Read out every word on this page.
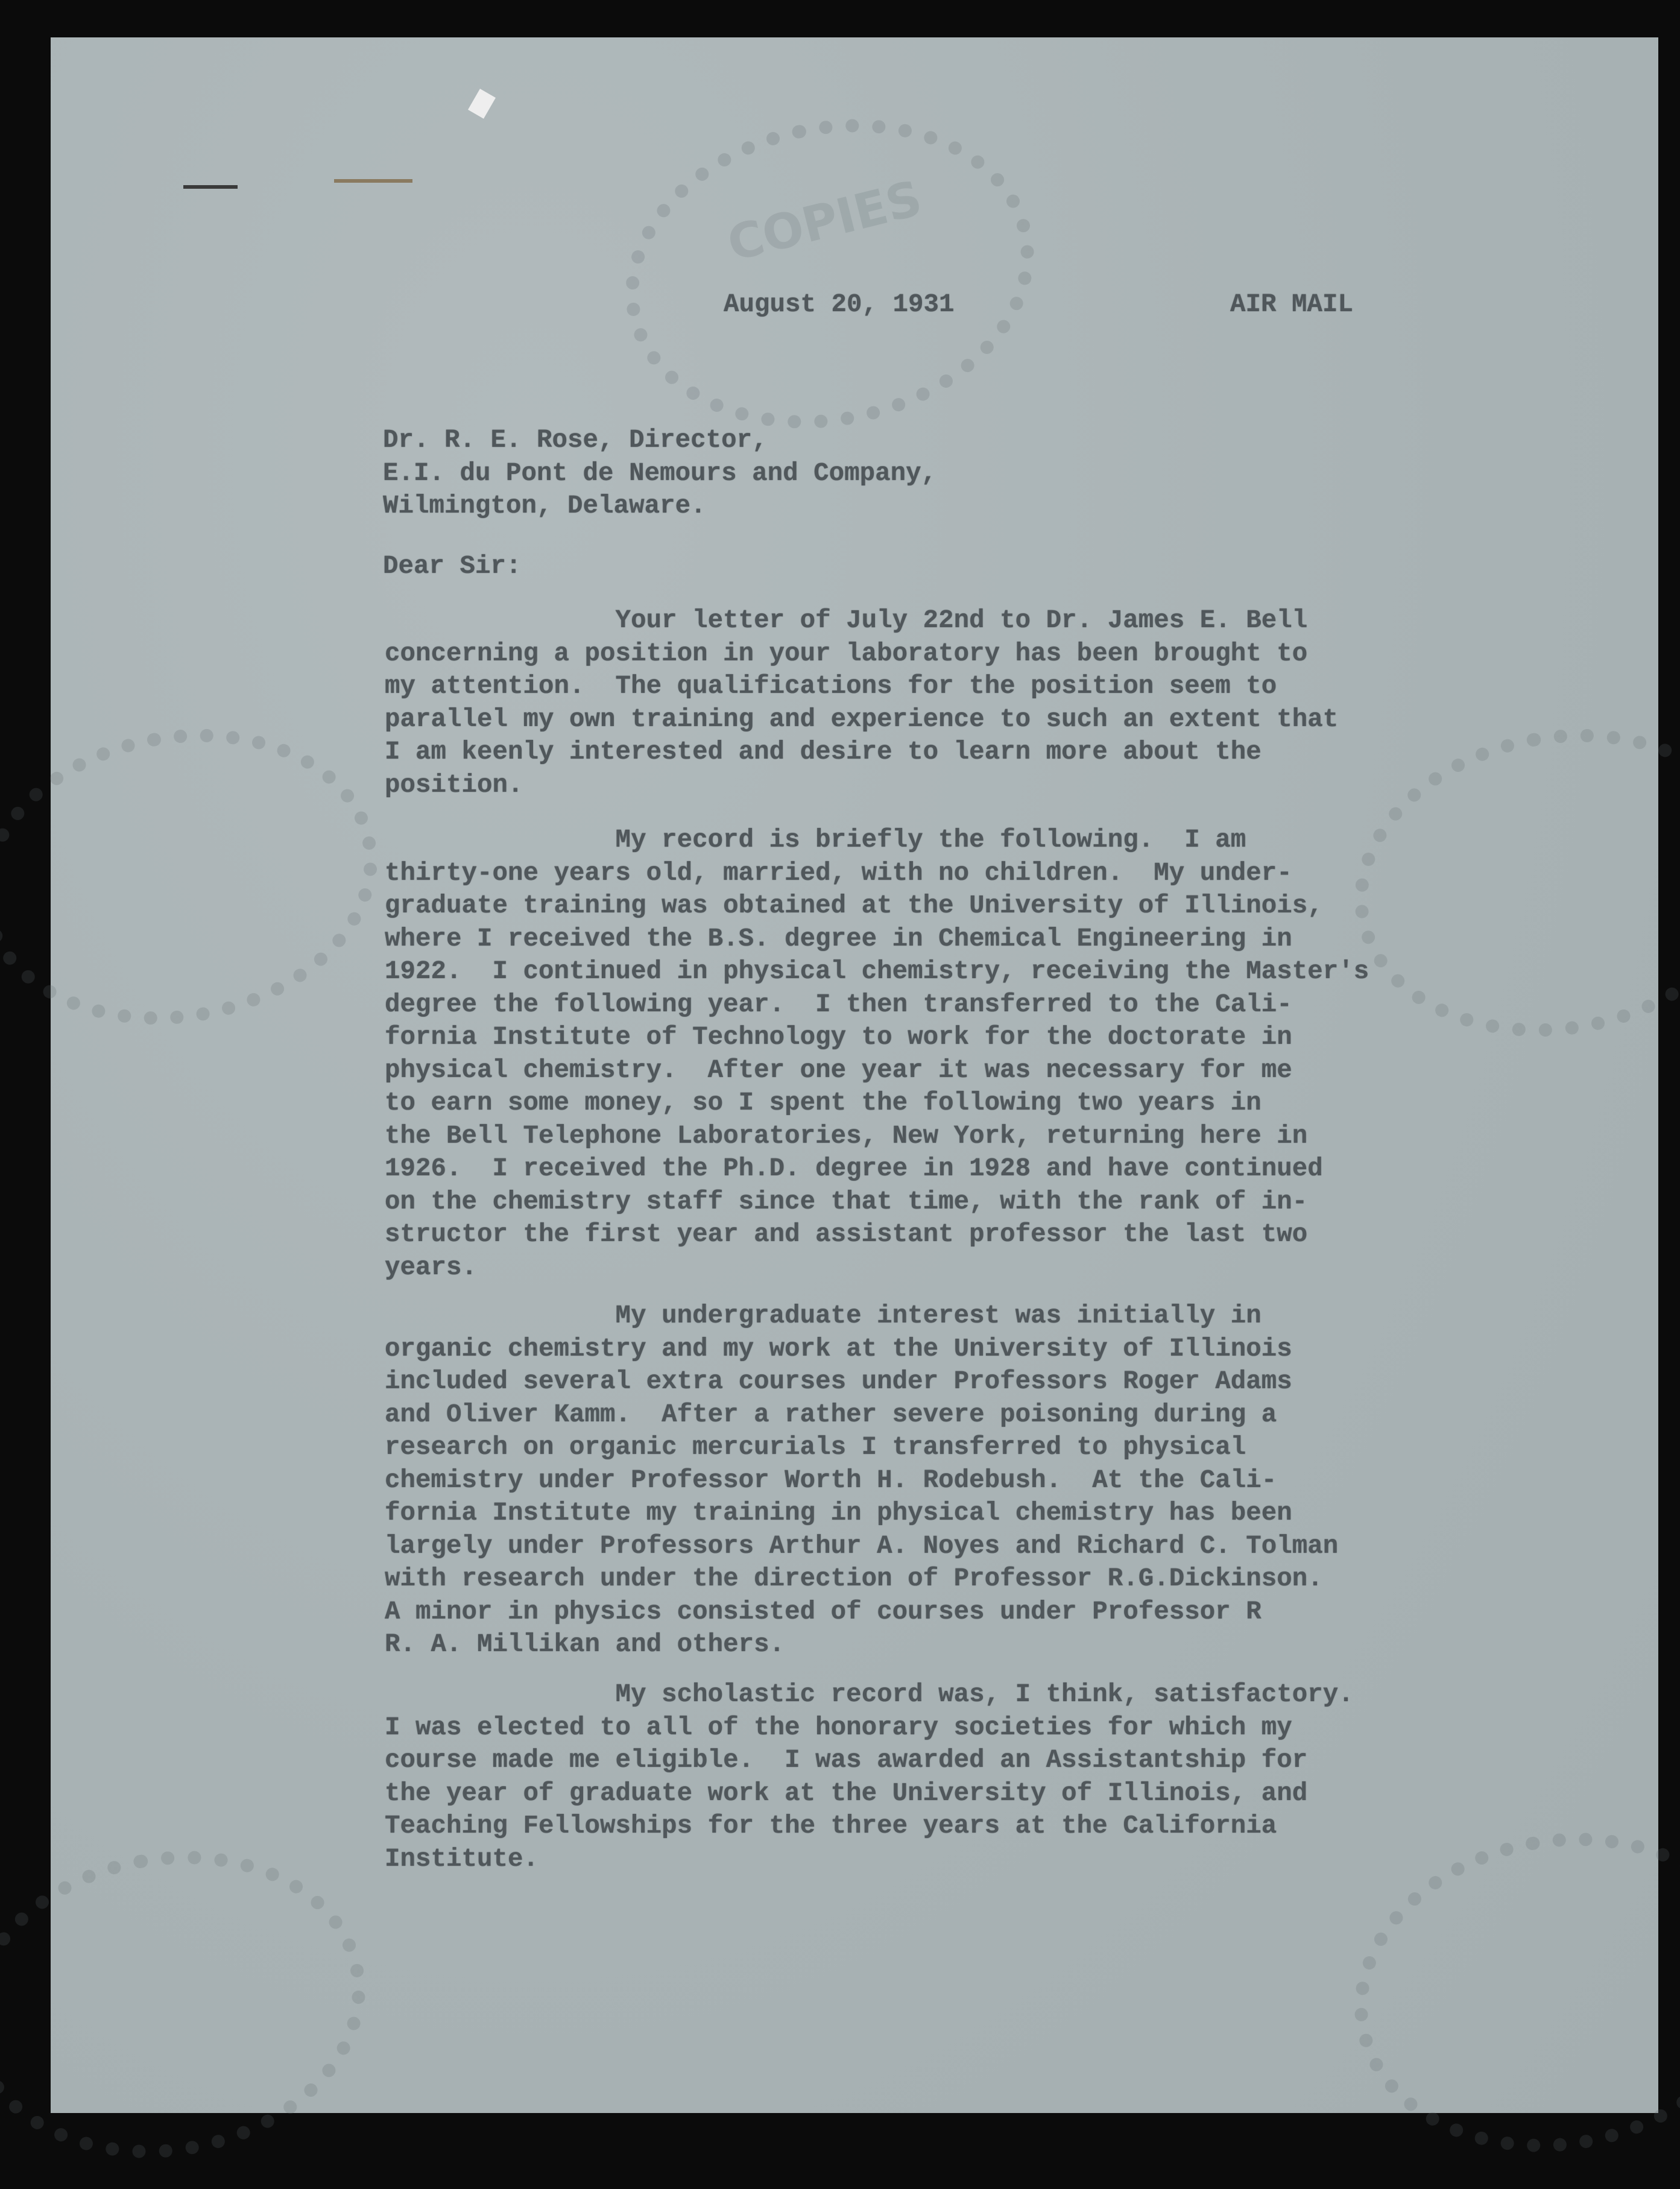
COPIES
August 20, 1931	AIR MAIL
Dr. R. E. Rose, Director,
E.I. du Pont de Nemours and Company,
Wilmington, Delaware.
Dear Sir:
Your letter of July 22nd to Dr. James E. Bell
concerning a position in your laboratory has been brought to
my attention.  The qualifications for the position seem to
parallel my own training and experience to such an extent that
I am keenly interested and desire to learn more about the
position.
My record is briefly the following.  I am
thirty-one years old, married, with no children.  My under-
graduate training was obtained at the University of Illinois,
where I received the B.S. degree in Chemical Engineering in
1922.  I continued in physical chemistry, receiving the Master's
degree the following year.  I then transferred to the Cali-
fornia Institute of Technology to work for the doctorate in
physical chemistry.  After one year it was necessary for me
to earn some money, so I spent the following two years in
the Bell Telephone Laboratories, New York, returning here in
1926.  I received the Ph.D. degree in 1928 and have continued
on the chemistry staff since that time, with the rank of in-
structor the first year and assistant professor the last two
years.
My undergraduate interest was initially in
organic chemistry and my work at the University of Illinois
included several extra courses under Professors Roger Adams
and Oliver Kamm.  After a rather severe poisoning during a
research on organic mercurials I transferred to physical
chemistry under Professor Worth H. Rodebush.  At the Cali-
fornia Institute my training in physical chemistry has been
largely under Professors Arthur A. Noyes and Richard C. Tolman
with research under the direction of Professor R.G.Dickinson.
A minor in physics consisted of courses under Professor R
R. A. Millikan and others.
My scholastic record was, I think, satisfactory.
I was elected to all of the honorary societies for which my
course made me eligible.  I was awarded an Assistantship for
the year of graduate work at the University of Illinois, and
Teaching Fellowships for the three years at the California
Institute.
